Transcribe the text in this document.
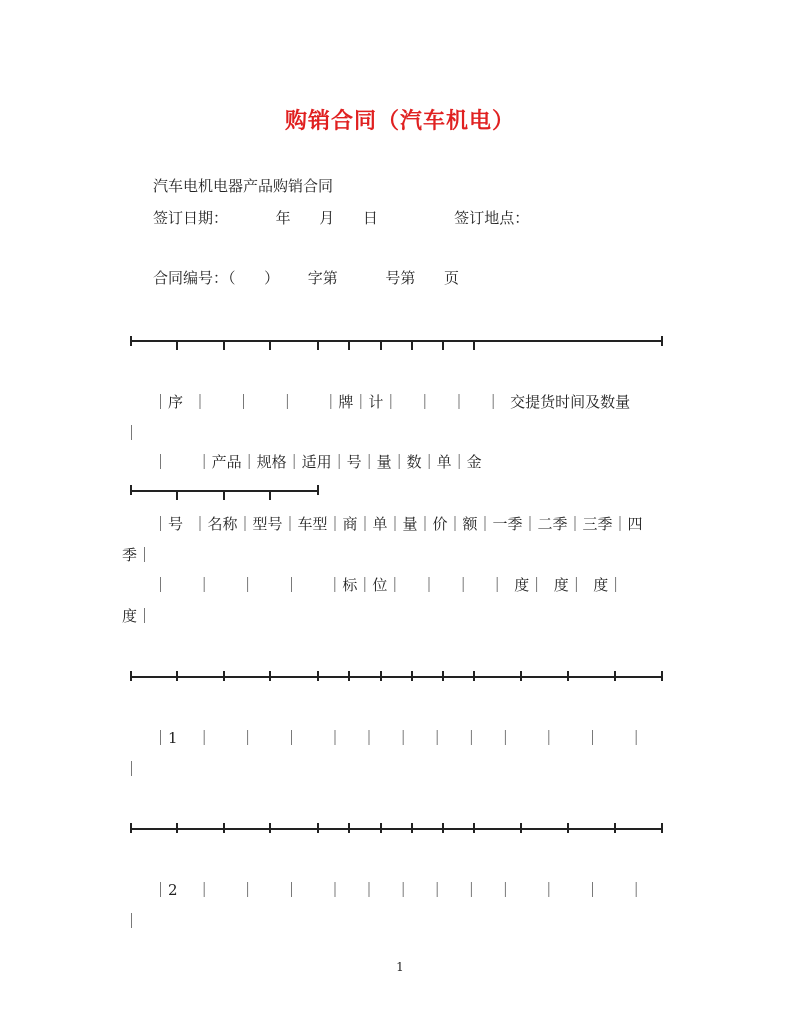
购销合同（汽车机电）
汽车电机电器产品购销合同
签订日期：          年      月      日                签订地点：
合同编号：（      ）      字第          号第      页
｜序  ｜      ｜      ｜      ｜牌｜计｜    ｜    ｜    ｜  交提货时间及数量
｜
｜      ｜产品｜规格｜适用｜号｜量｜数｜单｜金
｜号  ｜名称｜型号｜车型｜商｜单｜量｜价｜额｜一季｜二季｜三季｜四
季｜
｜      ｜      ｜      ｜      ｜标｜位｜    ｜    ｜    ｜  度｜  度｜  度｜
度｜
｜1    ｜      ｜      ｜      ｜    ｜    ｜    ｜    ｜    ｜      ｜      ｜      ｜
｜
｜2    ｜      ｜      ｜      ｜    ｜    ｜    ｜    ｜    ｜      ｜      ｜      ｜
｜
1
